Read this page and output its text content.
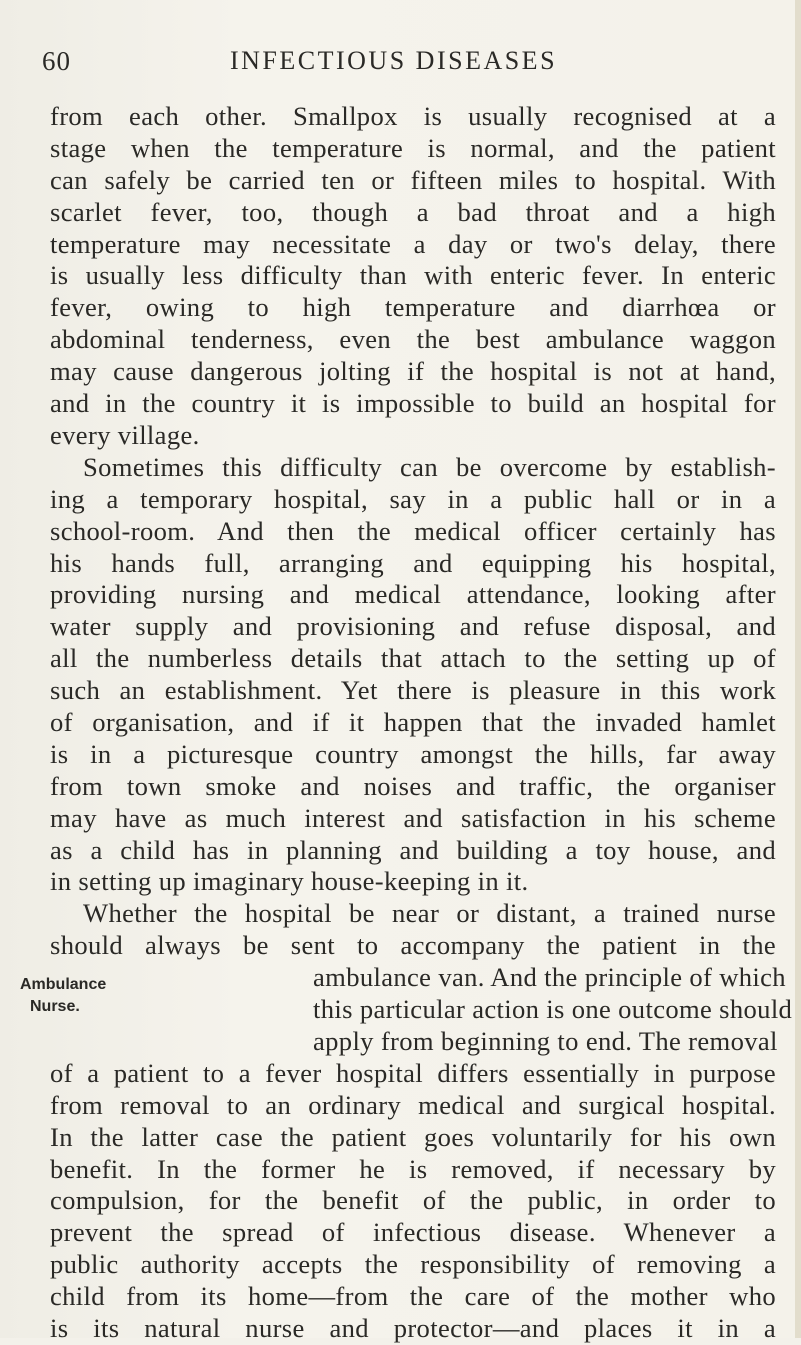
60	INFECTIOUS DISEASES
Ambulance
Nurse.
from each other. Smallpox is usually recognised at a
stage when the temperature is normal, and the patient
can safely be carried ten or fifteen miles to hospital. With
scarlet fever, too, though a bad throat and a high
temperature may necessitate a day or two's delay, there
is usually less difficulty than with enteric fever. In enteric
fever, owing to high temperature and diarrhœa or
abdominal tenderness, even the best ambulance waggon
may cause dangerous jolting if the hospital is not at hand,
and in the country it is impossible to build an hospital for
every village.
Sometimes this difficulty can be overcome by establish-
ing a temporary hospital, say in a public hall or in a
school-room. And then the medical officer certainly has
his hands full, arranging and equipping his hospital,
providing nursing and medical attendance, looking after
water supply and provisioning and refuse disposal, and
all the numberless details that attach to the setting up of
such an establishment. Yet there is pleasure in this work
of organisation, and if it happen that the invaded hamlet
is in a picturesque country amongst the hills, far away
from town smoke and noises and traffic, the organiser
may have as much interest and satisfaction in his scheme
as a child has in planning and building a toy house, and
in setting up imaginary house-keeping in it.
Whether the hospital be near or distant, a trained nurse
should always be sent to accompany the patient in the
ambulance van. And the principle of which
this particular action is one outcome should
apply from beginning to end. The removal
of a patient to a fever hospital differs essentially in purpose
from removal to an ordinary medical and surgical hospital.
In the latter case the patient goes voluntarily for his own
benefit. In the former he is removed, if necessary by
compulsion, for the benefit of the public, in order to
prevent the spread of infectious disease. Whenever a
public authority accepts the responsibility of removing a
child from its home—from the care of the mother who
is its natural nurse and protector—and places it in a
